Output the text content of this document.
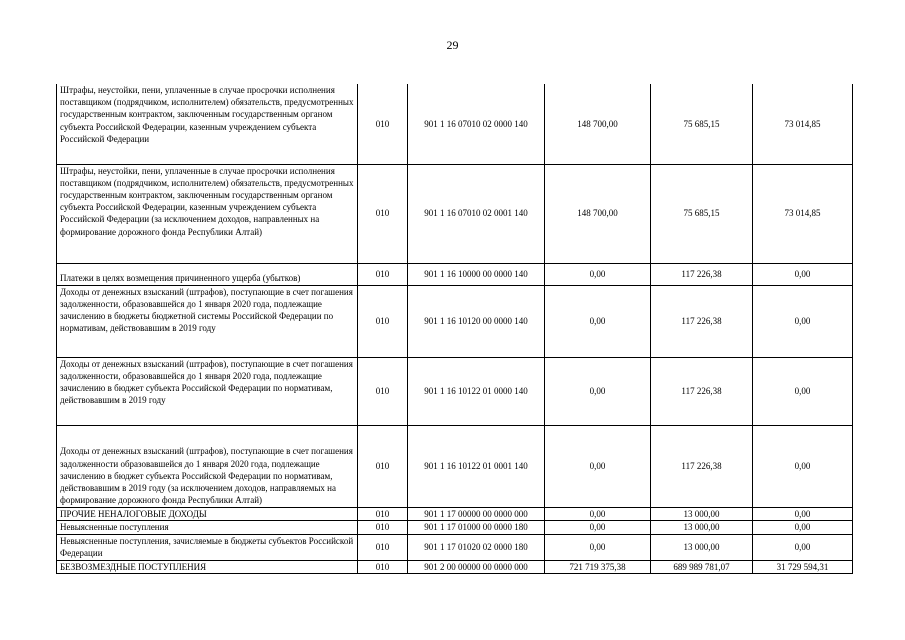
29
Штрафы, неустойки, пени, уплаченные в случае просрочки исполнения поставщиком (подрядчиком, исполнителем) обязательств, предусмотренных государственным контрактом, заключенным государственным органом субъекта Российской Федерации, казенным учреждением субъекта Российской Федерации	010	901 1 16 07010 02 0000 140	148 700,00	75 685,15	73 014,85

Штрафы, неустойки, пени, уплаченные в случае просрочки исполнения поставщиком (подрядчиком, исполнителем) обязательств, предусмотренных государственным контрактом, заключенным государственным органом субъекта Российской Федерации, казенным учреждением субъекта Российской Федерации (за исключением доходов, направленных на формирование дорожного фонда Республики Алтай)	010	901 1 16 07010 02 0001 140	148 700,00	75 685,15	73 014,85

Платежи в целях возмещения причиненного ущерба (убытков)	010	901 1 16 10000 00 0000 140	0,00	117 226,38	0,00

Доходы от денежных взысканий (штрафов), поступающие в счет погашения задолженности, образовавшейся до 1 января 2020 года, подлежащие зачислению в бюджеты бюджетной системы Российской Федерации по нормативам, действовавшим в 2019 году	010	901 1 16 10120 00 0000 140	0,00	117 226,38	0,00

Доходы от денежных взысканий (штрафов), поступающие в счет погашения задолженности, образовавшейся до 1 января 2020 года, подлежащие зачислению в бюджет субъекта Российской Федерации по нормативам, действовавшим в 2019 году	010	901 1 16 10122 01 0000 140	0,00	117 226,38	0,00

Доходы от денежных взысканий (штрафов), поступающие в счет погашения задолженности образовавшейся до 1 января 2020 года, подлежащие зачислению в бюджет субъекта Российской Федерации по нормативам, действовавшим в 2019 году (за исключением доходов, направляемых на формирование дорожного фонда Республики Алтай)	010	901 1 16 10122 01 0001 140	0,00	117 226,38	0,00

ПРОЧИЕ НЕНАЛОГОВЫЕ ДОХОДЫ	010	901 1 17 00000 00 0000 000	0,00	13 000,00	0,00

Невыясненные поступления	010	901 1 17 01000 00 0000 180	0,00	13 000,00	0,00

Невыясненные поступления, зачисляемые в бюджеты субъектов Российской Федерации	010	901 1 17 01020 02 0000 180	0,00	13 000,00	0,00

БЕЗВОЗМЕЗДНЫЕ ПОСТУПЛЕНИЯ	010	901 2 00 00000 00 0000 000	721 719 375,38	689 989 781,07	31 729 594,31
